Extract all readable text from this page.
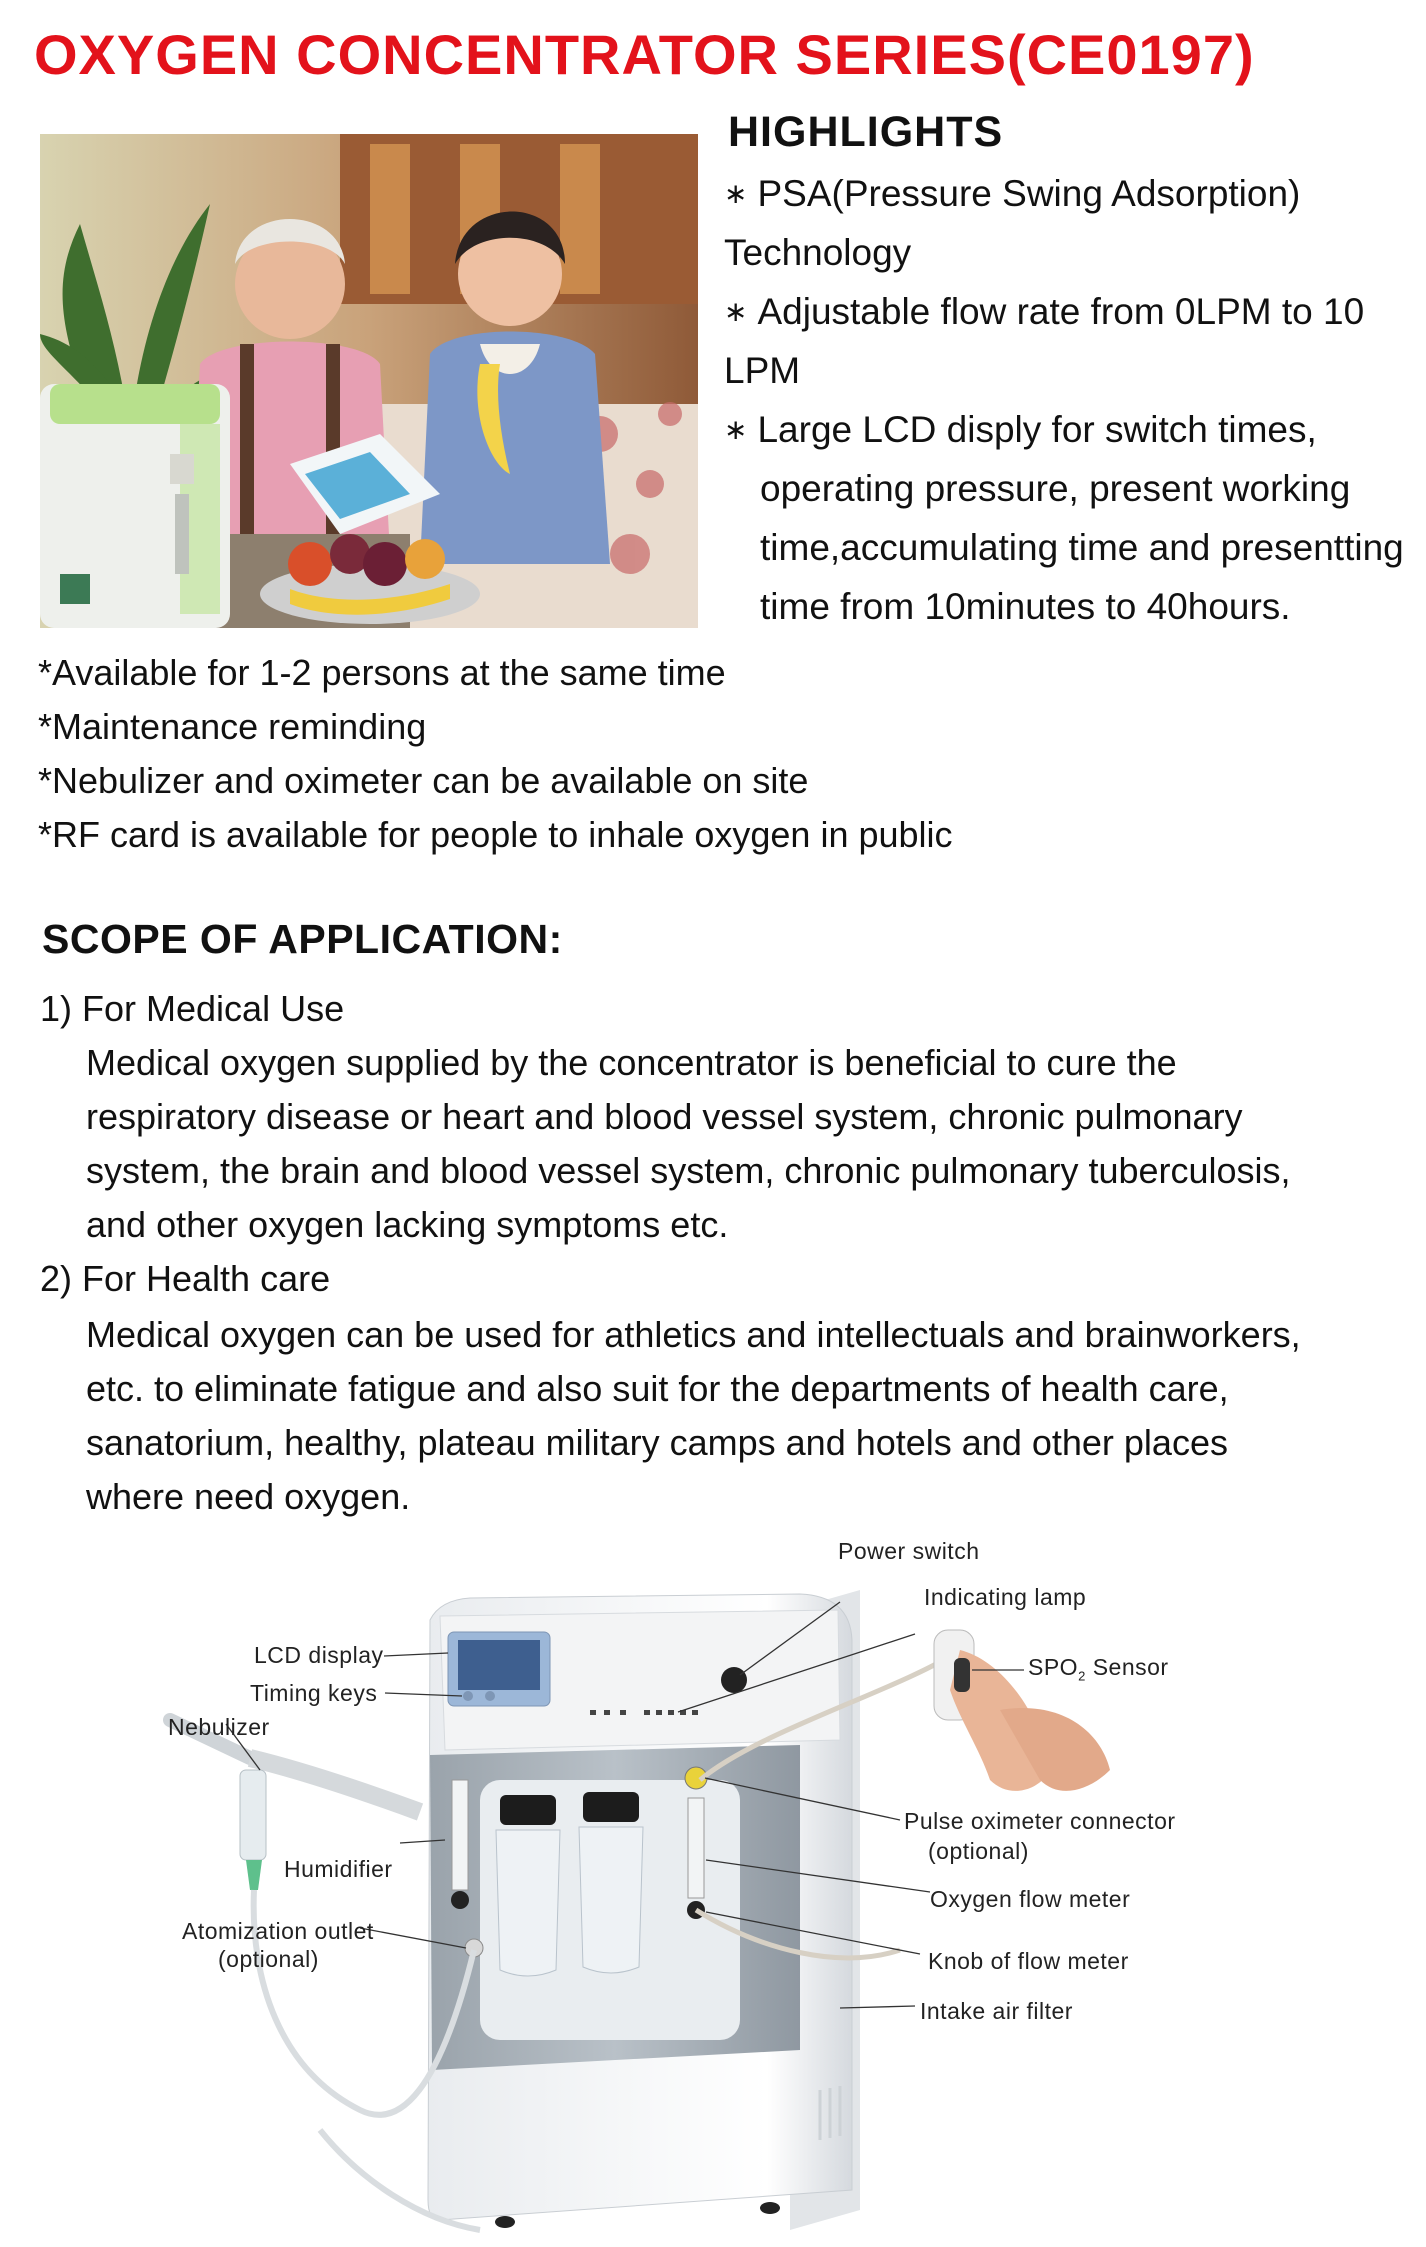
OXYGEN CONCENTRATOR SERIES(CE0197)
HIGHLIGHTS
∗ PSA(Pressure Swing Adsorption)
Technology
∗ Adjustable flow rate from 0LPM to 10
LPM
∗ Large LCD disply for switch times,
operating pressure, present working
time,accumulating time and presentting
time from 10minutes to 40hours.
*Available for 1-2 persons at the same time
*Maintenance reminding
*Nebulizer and oximeter can be available on site
*RF card is available for people to inhale oxygen in public
SCOPE OF APPLICATION:
1) For Medical Use
Medical oxygen supplied by the concentrator is beneficial to cure the
respiratory disease or heart and blood vessel system, chronic pulmonary
system, the brain and blood vessel system, chronic pulmonary tuberculosis,
and other oxygen lacking symptoms etc.
2) For Health care
Medical oxygen can be used for athletics and intellectuals and brainworkers,
etc. to eliminate fatigue and also suit for the departments of health care,
sanatorium, healthy, plateau military camps and hotels and other places
where need oxygen.
Power switch
Indicating lamp
$SPO_2$ Sensor
LCD display
Timing keys
Nebulizer
Humidifier
Atomization outlet
(optional)
Pulse oximeter connector
(optional)
Oxygen flow meter
Knob of flow meter
Intake air filter
